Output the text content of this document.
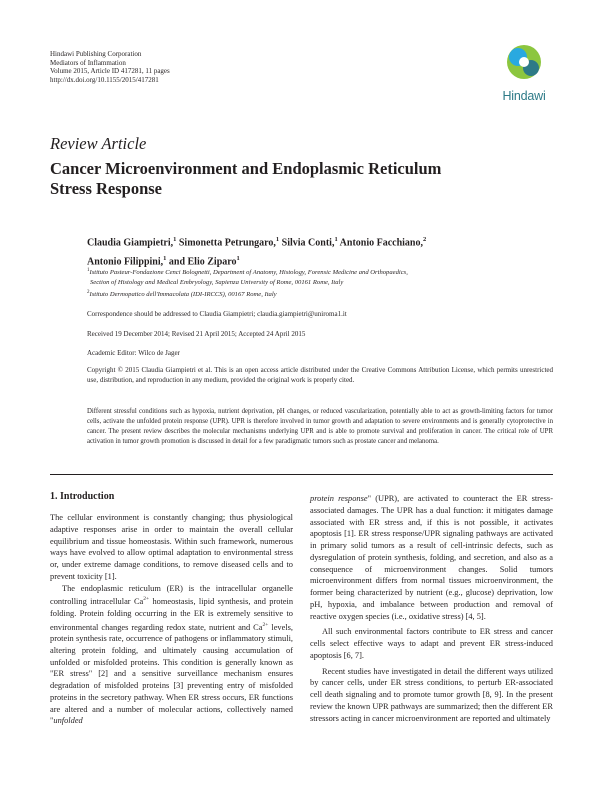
Hindawi Publishing Corporation
Mediators of Inflammation
Volume 2015, Article ID 417281, 11 pages
http://dx.doi.org/10.1155/2015/417281
Hindawi
Review Article
Cancer Microenvironment and Endoplasmic Reticulum Stress Response
Claudia Giampietri,$^1$ Simonetta Petrungaro,$^1$ Silvia Conti,$^1$ Antonio Facchiano,$^2$
Antonio Filippini,$^1$ and Elio Ziparo$^1$
$^1$Istituto Pasteur-Fondazione Cenci Bolognetti, Department of Anatomy, Histology, Forensic Medicine and Orthopaedics,
Section of Histology and Medical Embryology, Sapienza University of Rome, 00161 Rome, Italy
$^2$Istituto Dermopatico dell'Immacolata (IDI-IRCCS), 00167 Rome, Italy
Correspondence should be addressed to Claudia Giampietri; claudia.giampietri@uniroma1.it
Received 19 December 2014; Revised 21 April 2015; Accepted 24 April 2015
Academic Editor: Wilco de Jager
Copyright © 2015 Claudia Giampietri et al. This is an open access article distributed under the Creative Commons Attribution License, which permits unrestricted use, distribution, and reproduction in any medium, provided the original work is properly cited.
Different stressful conditions such as hypoxia, nutrient deprivation, pH changes, or reduced vascularization, potentially able to act as growth-limiting factors for tumor cells, activate the unfolded protein response (UPR). UPR is therefore involved in tumor growth and adaptation to severe environments and is generally cytoprotective in cancer. The present review describes the molecular mechanisms underlying UPR and is able to promote survival and proliferation in cancer. The critical role of UPR activation in tumor growth promotion is discussed in detail for a few paradigmatic tumors such as prostate cancer and melanoma.
1. Introduction

The cellular environment is constantly changing; thus physiological adaptive responses arise in order to maintain the overall cellular equilibrium and tissue homeostasis. Within such framework, numerous ways have evolved to allow optimal adaptation to environmental stress or, under extreme damage conditions, to remove diseased cells and to prevent toxicity [1].

The endoplasmic reticulum (ER) is the intracellular organelle controlling intracellular $Ca^{2+}$ homeostasis, lipid synthesis, and protein folding. Protein folding occurring in the ER is extremely sensitive to environmental changes regarding redox state, nutrient and $Ca^{2+}$ levels, protein synthesis rate, occurrence of pathogens or inflammatory stimuli, altering protein folding, and ultimately causing accumulation of unfolded or misfolded proteins. This condition is generally known as "ER stress" [2] and a sensitive surveillance mechanism ensures degradation of misfolded proteins [3] preventing entry of misfolded proteins in the secretory pathway. When ER stress occurs, ER functions are altered and a number of molecular actions, collectively named "unfolded

protein response" (UPR), are activated to counteract the ER stress-associated damages. The UPR has a dual function: it mitigates damage associated with ER stress and, if this is not possible, it activates apoptosis [1]. ER stress response/UPR signaling pathways are activated in primary solid tumors as a result of cell-intrinsic defects, such as dysregulation of protein synthesis, folding, and secretion, and also as a consequence of microenvironment changes. Solid tumors microenvironment differs from normal tissues microenvironment, the former being characterized by nutrient (e.g., glucose) deprivation, low pH, hypoxia, and imbalance between production and removal of reactive oxygen species (i.e., oxidative stress) [4, 5].

All such environmental factors contribute to ER stress and cancer cells select effective ways to adapt and prevent ER stress-induced apoptosis [6, 7].

Recent studies have investigated in detail the different ways utilized by cancer cells, under ER stress conditions, to perturb ER-associated cell death signaling and to promote tumor growth [8, 9]. In the present review the known UPR pathways are summarized; then the different ER stressors acting in cancer microenvironment are reported and ultimately
